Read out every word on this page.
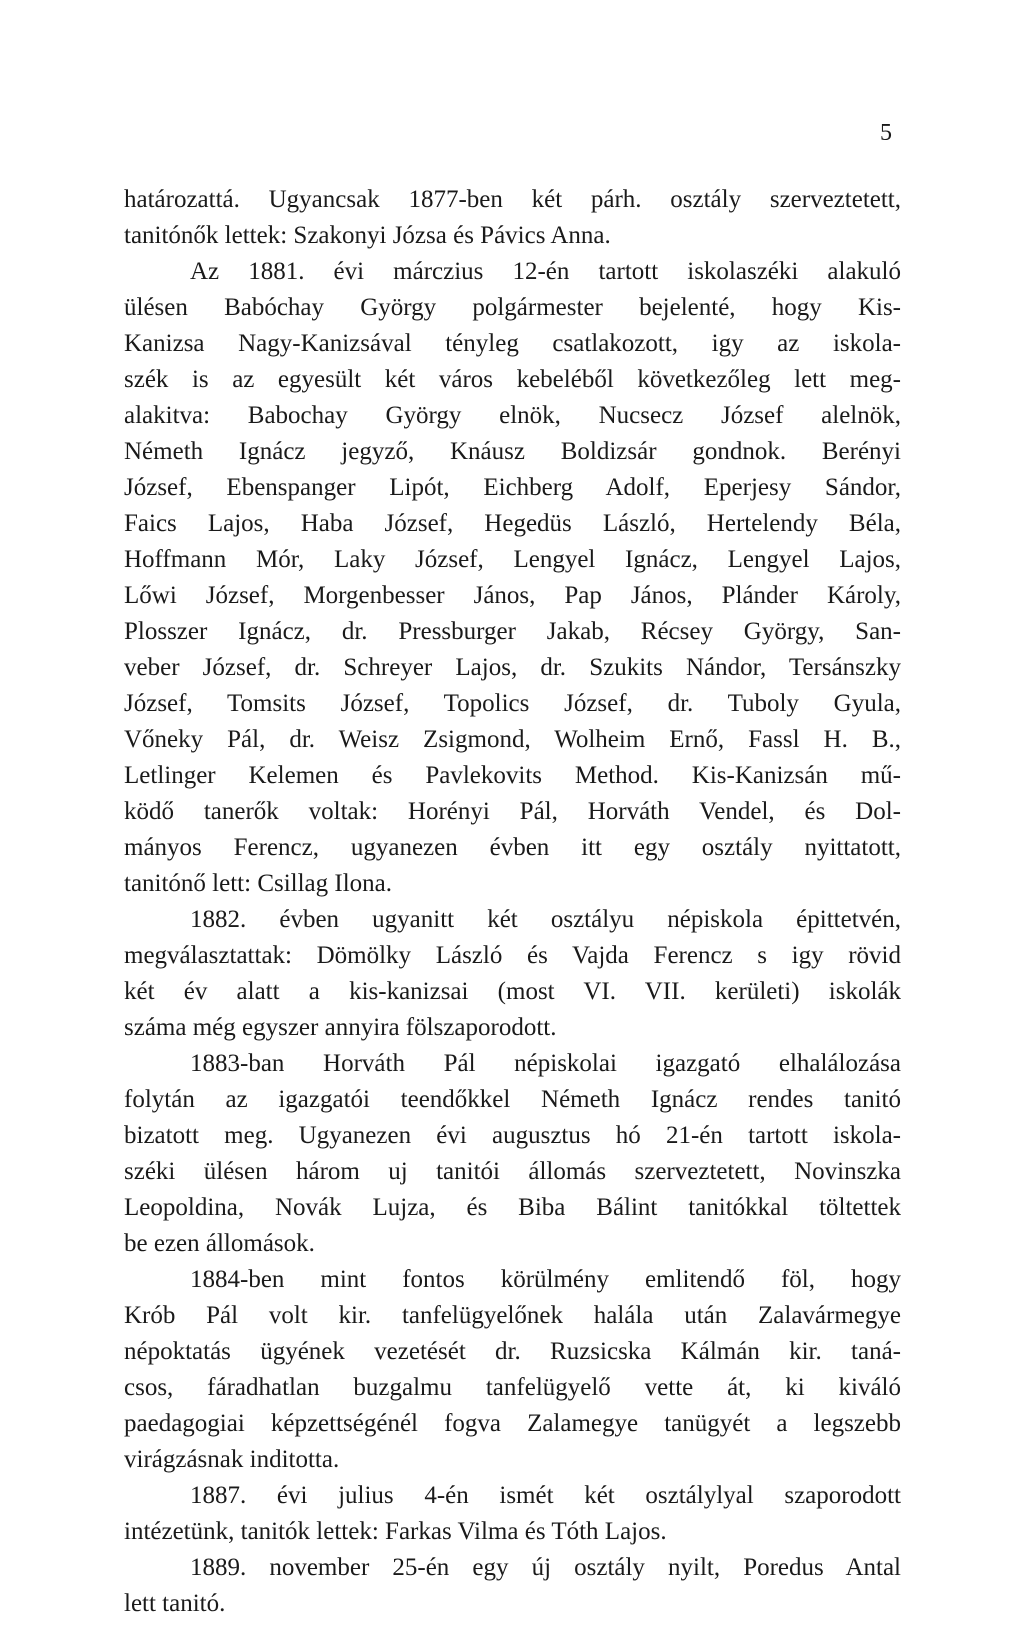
5
határozattá. Ugyancsak 1877-ben két párh. osztály szerveztetett,
tanitónők lettek: Szakonyi Józsa és Pávics Anna.
Az 1881. évi márczius 12-én tartott iskolaszéki alakuló
ülésen Babóchay György polgármester bejelenté, hogy Kis-
Kanizsa Nagy-Kanizsával tényleg csatlakozott, igy az iskola-
szék is az egyesült két város kebeléből következőleg lett meg-
alakitva: Babochay György elnök, Nucsecz József alelnök,
Németh Ignácz jegyző, Knáusz Boldizsár gondnok. Berényi
József, Ebenspanger Lipót, Eichberg Adolf, Eperjesy Sándor,
Faics Lajos, Haba József, Hegedüs László, Hertelendy Béla,
Hoffmann Mór, Laky József, Lengyel Ignácz, Lengyel Lajos,
Lőwi József, Morgenbesser János, Pap János, Plánder Károly,
Plosszer Ignácz, dr. Pressburger Jakab, Récsey György, San-
veber József, dr. Schreyer Lajos, dr. Szukits Nándor, Tersánszky
József, Tomsits József, Topolics József, dr. Tuboly Gyula,
Vőneky Pál, dr. Weisz Zsigmond, Wolheim Ernő, Fassl H. B.,
Letlinger Kelemen és Pavlekovits Method. Kis-Kanizsán mű-
ködő tanerők voltak: Horényi Pál, Horváth Vendel, és Dol-
mányos Ferencz, ugyanezen évben itt egy osztály nyittatott,
tanitónő lett: Csillag Ilona.
1882. évben ugyanitt két osztályu népiskola épittetvén,
megválasztattak: Dömölky László és Vajda Ferencz s igy rövid
két év alatt a kis-kanizsai (most VI. VII. kerületi) iskolák
száma még egyszer annyira fölszaporodott.
1883-ban Horváth Pál népiskolai igazgató elhalálozása
folytán az igazgatói teendőkkel Németh Ignácz rendes tanitó
bizatott meg. Ugyanezen évi augusztus hó 21-én tartott iskola-
széki ülésen három uj tanitói állomás szerveztetett, Novinszka
Leopoldina, Novák Lujza, és Biba Bálint tanitókkal töltettek
be ezen állomások.
1884-ben mint fontos körülmény emlitendő föl, hogy
Krób Pál volt kir. tanfelügyelőnek halála után Zalavármegye
népoktatás ügyének vezetését dr. Ruzsicska Kálmán kir. taná-
csos, fáradhatlan buzgalmu tanfelügyelő vette át, ki kiváló
paedagogiai képzettségénél fogva Zalamegye tanügyét a legszebb
virágzásnak inditotta.
1887. évi julius 4-én ismét két osztálylyal szaporodott
intézetünk, tanitók lettek: Farkas Vilma és Tóth Lajos.
1889. november 25-én egy új osztály nyilt, Poredus Antal
lett tanitó.
